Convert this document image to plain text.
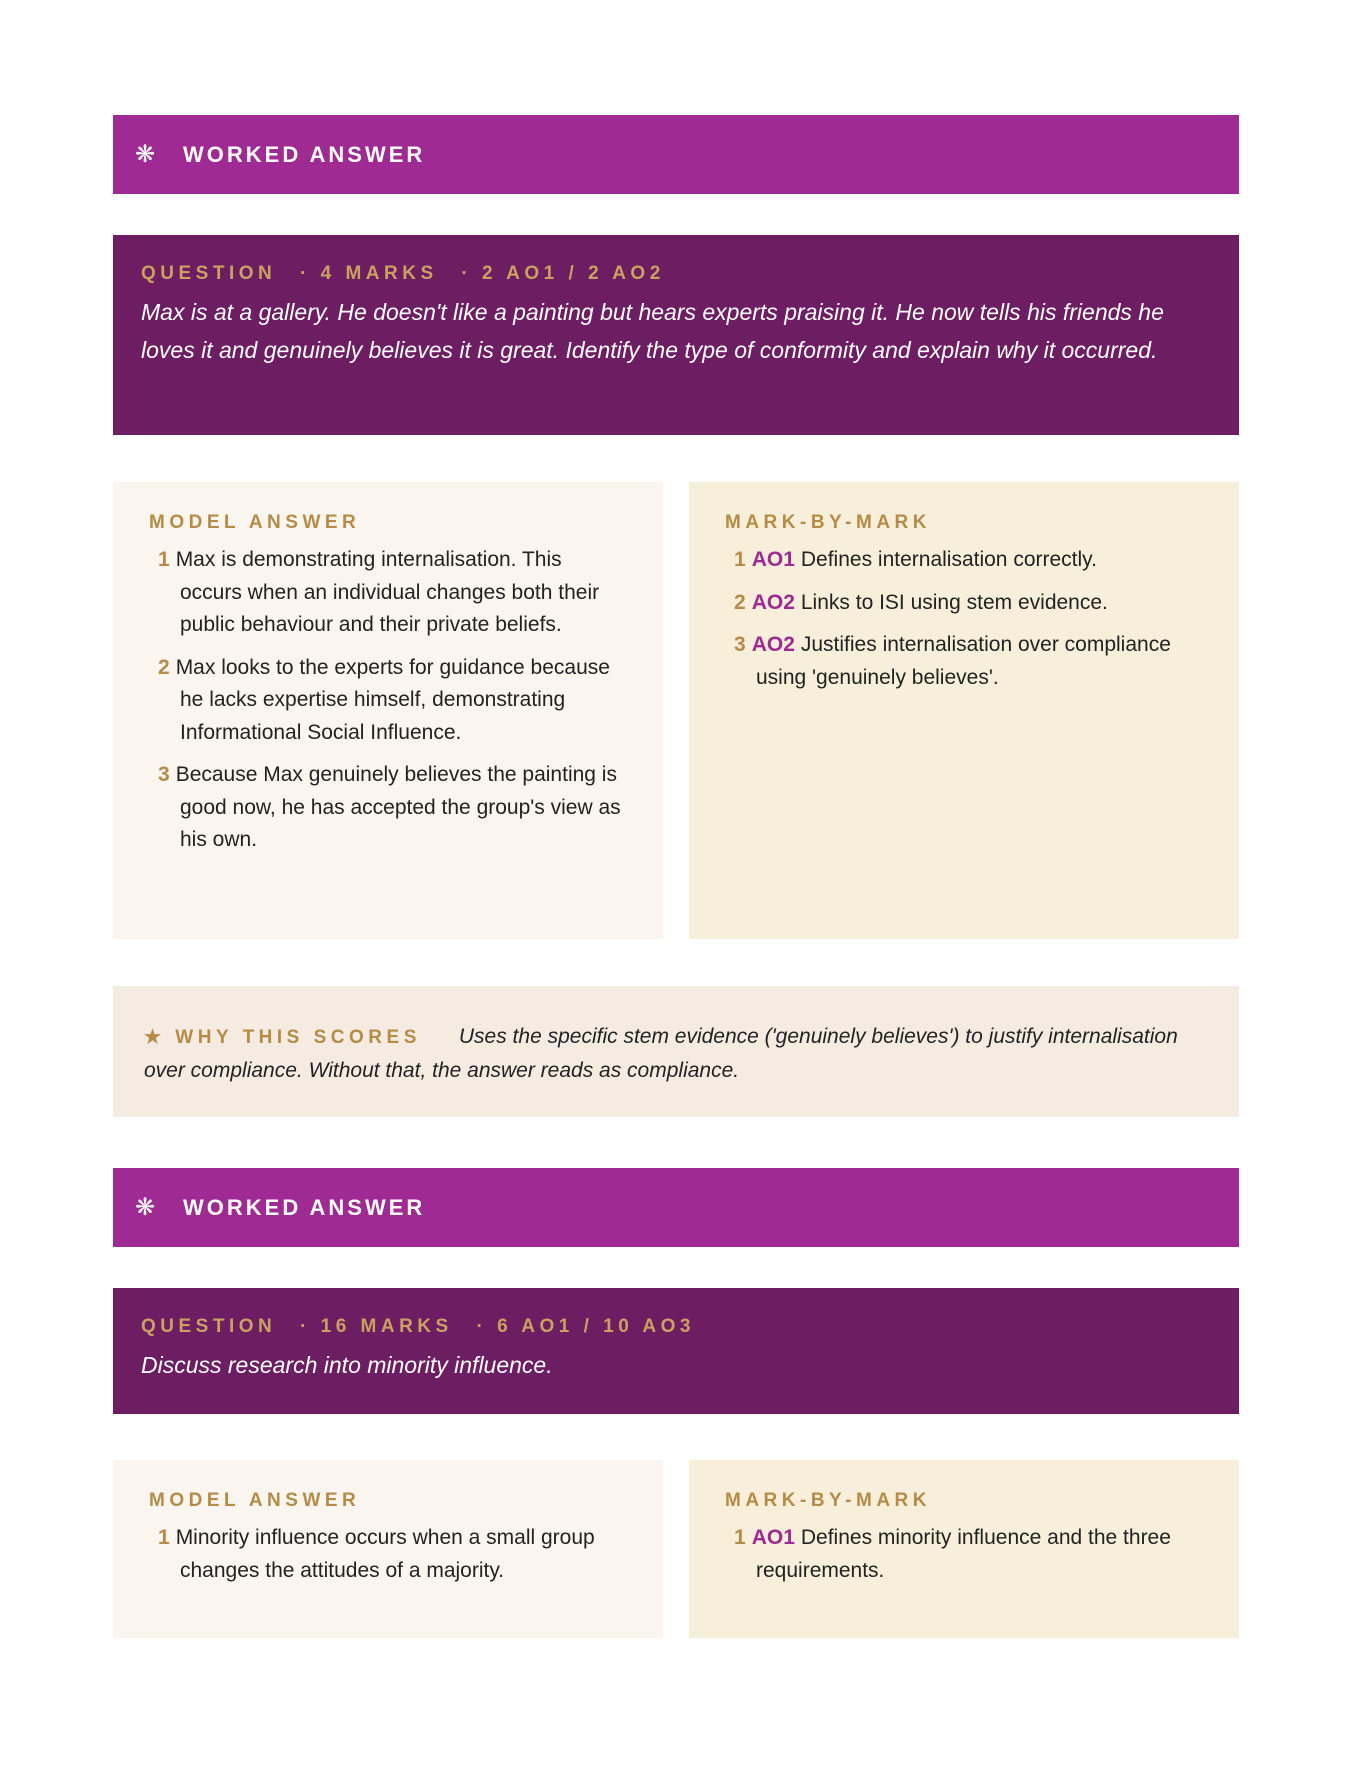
❋	WORKED ANSWER
QUESTION · 4 MARKS · 2 AO1 / 2 AO2
Max is at a gallery. He doesn't like a painting but hears experts praising it. He now tells his friends he loves it and genuinely believes it is great. Identify the type of conformity and explain why it occurred.
MODEL ANSWER
1 Max is demonstrating internalisation. This occurs when an individual changes both their public behaviour and their private beliefs.
2 Max looks to the experts for guidance because he lacks expertise himself, demonstrating Informational Social Influence.
3 Because Max genuinely believes the painting is good now, he has accepted the group's view as his own.
MARK-BY-MARK
1 AO1 Defines internalisation correctly.
2 AO2 Links to ISI using stem evidence.
3 AO2 Justifies internalisation over compliance using 'genuinely believes'.
★ WHY THIS SCORES Uses the specific stem evidence ('genuinely believes') to justify internalisation over compliance. Without that, the answer reads as compliance.
❋	WORKED ANSWER
QUESTION · 16 MARKS · 6 AO1 / 10 AO3
Discuss research into minority influence.
MODEL ANSWER
1 Minority influence occurs when a small group changes the attitudes of a majority.
MARK-BY-MARK
1 AO1 Defines minority influence and the three requirements.
